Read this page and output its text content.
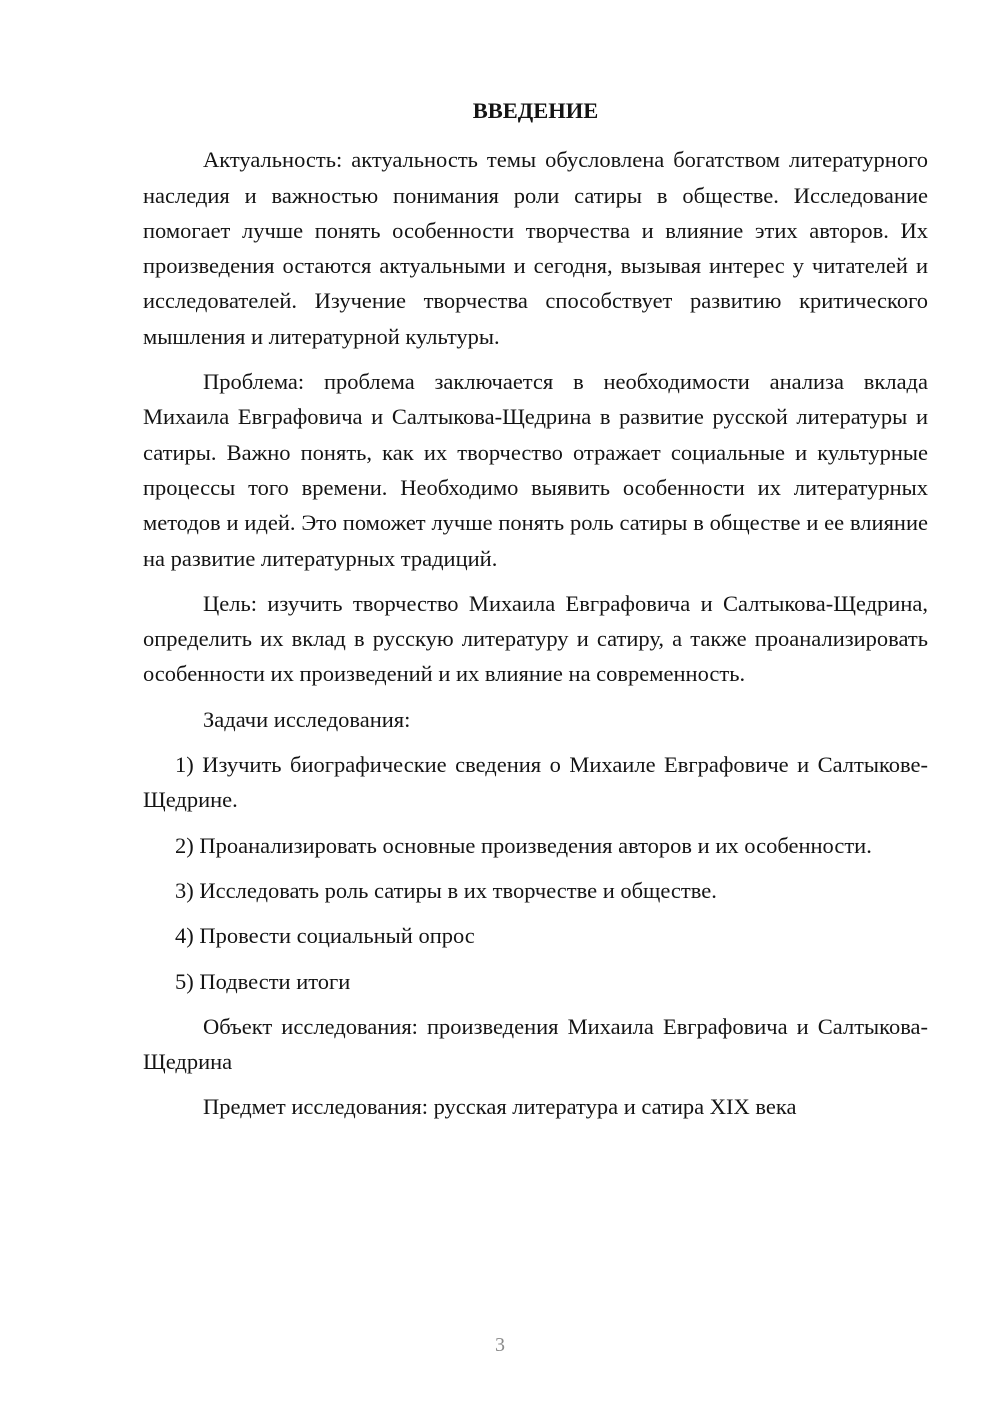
ВВЕДЕНИЕ

Актуальность: актуальность темы обусловлена богатством литературного наследия и важностью понимания роли сатиры в обществе. Исследование помогает лучше понять особенности творчества и влияние этих авторов. Их произведения остаются актуальными и сегодня, вызывая интерес у читателей и исследователей. Изучение творчества способствует развитию критического мышления и литературной культуры.

Проблема: проблема заключается в необходимости анализа вклада Михаила Евграфовича и Салтыкова-Щедрина в развитие русской литературы и сатиры. Важно понять, как их творчество отражает социальные и культурные процессы того времени. Необходимо выявить особенности их литературных методов и идей. Это поможет лучше понять роль сатиры в обществе и ее влияние на развитие литературных традиций.

Цель: изучить творчество Михаила Евграфовича и Салтыкова-Щедрина, определить их вклад в русскую литературу и сатиру, а также проанализировать особенности их произведений и их влияние на современность.

Задачи исследования:

1) Изучить биографические сведения о Михаиле Евграфовиче и Салтыкове-Щедрине.

2) Проанализировать основные произведения авторов и их особенности.

3) Исследовать роль сатиры в их творчестве и обществе.

4) Провести социальный опрос

5) Подвести итоги

Объект исследования: произведения Михаила Евграфовича и Салтыкова-Щедрина

Предмет исследования: русская литература и сатира XIX века

3
